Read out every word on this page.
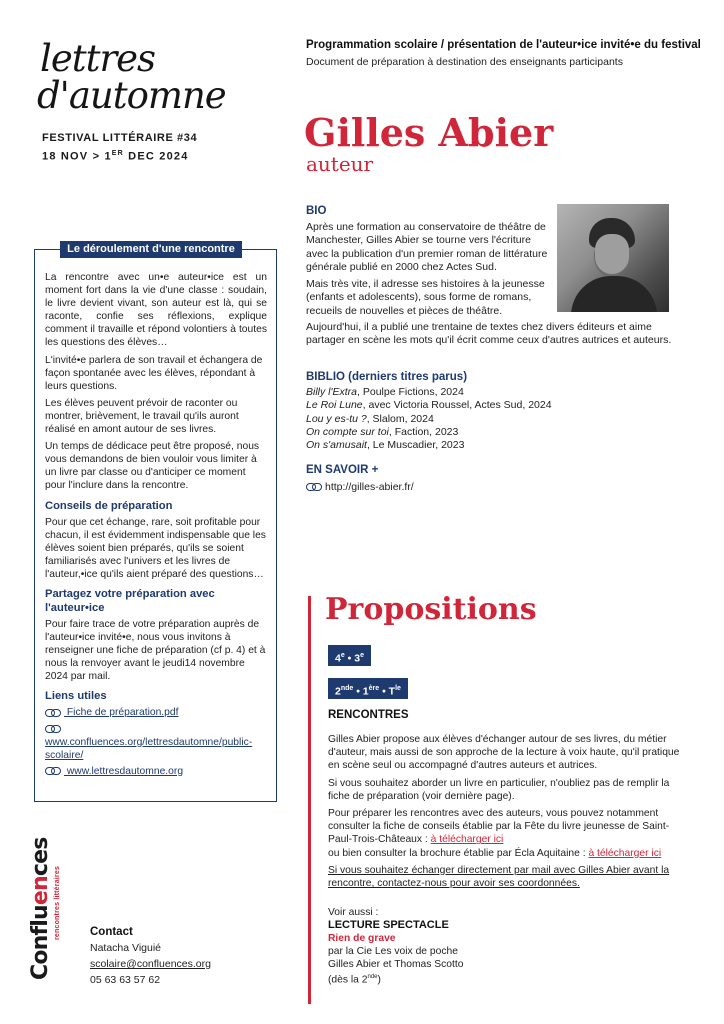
lettres
d'automne
FESTIVAL LITTÉRAIRE #34
18 NOV > 1ER DEC 2024
Programmation scolaire / présentation de l'auteur•ice invité•e du festival
Document de préparation à destination des enseignants participants
Gilles Abier
auteur
BIO

Après une formation au conservatoire de théâtre de Manchester, Gilles Abier se tourne vers l'écriture avec la publication d'un premier roman de littérature générale publié en 2000 chez Actes Sud.

Mais très vite, il adresse ses histoires à la jeunesse (enfants et adolescents), sous forme de romans, recueils de nouvelles et pièces de théâtre.

Aujourd'hui, il a publié une trentaine de textes chez divers éditeurs et aime partager en scène les mots qu'il écrit comme ceux d'autres autrices et auteurs.

BIBLIO (derniers titres parus)
Billy l'Extra, Poulpe Fictions, 2024
Le Roi Lune, avec Victoria Roussel, Actes Sud, 2024
Lou y es-tu ?, Slalom, 2024
On compte sur toi, Faction, 2023
On s'amusait, Le Muscadier, 2023
EN SAVOIR +
http://gilles-abier.fr/
Le déroulement d'une rencontre

La rencontre avec un•e auteur•ice est un moment fort dans la vie d'une classe : soudain, le livre devient vivant, son auteur est là, qui se raconte, confie ses réflexions, explique comment il travaille et répond volontiers à toutes les questions des élèves…

L'invité•e parlera de son travail et échangera de façon spontanée avec les élèves, répondant à leurs questions.

Les élèves peuvent prévoir de raconter ou montrer, brièvement, le travail qu'ils auront réalisé en amont autour de ses livres.

Un temps de dédicace peut être proposé, nous vous demandons de bien vouloir vous limiter à un livre par classe ou d'anticiper ce moment pour l'inclure dans la rencontre.

Conseils de préparation

Pour que cet échange, rare, soit profitable pour chacun, il est évidemment indispensable que les élèves soient bien préparés, qu'ils se soient familiarisés avec l'univers et les livres de l'auteur,•ice qu'ils aient préparé des questions…

Partagez votre préparation avec l'auteur•ice

Pour faire trace de votre préparation auprès de l'auteur•ice invité•e, nous vous invitons à renseigner une fiche de préparation (cf p. 4) et à nous la renvoyer avant le jeudi14 novembre 2024 par mail.

Liens utiles
Fiche de préparation.pdf
www.confluences.org/lettresdautomne/public-scolaire/
www.lettresdautomne.org
Propositions
4e • 3e
2nde • 1ère • $T^{le}$
RENCONTRES

Gilles Abier propose aux élèves d'échanger autour de ses livres, du métier d'auteur, mais aussi de son approche de la lecture à voix haute, qu'il pratique en scène seul ou accompagné d'autres auteurs et autrices.

Si vous souhaitez aborder un livre en particulier, n'oubliez pas de remplir la fiche de préparation (voir dernière page).

Pour préparer les rencontres avec des auteurs, vous pouvez notamment consulter la fiche de conseils établie par la Fête du livre jeunesse de Saint-Paul-Trois-Châteaux : à télécharger ici

ou bien consulter la brochure établie par Écla Aquitaine : à télécharger ici

Si vous souhaitez échanger directement par mail avec Gilles Abier avant la rencontre, contactez-nous pour avoir ses coordonnées.

Voir aussi :
LECTURE SPECTACLE
Rien de grave
par la Cie Les voix de poche
Gilles Abier et Thomas Scotto
(dès la 2nde)
Confluences
rencontres littéraires	Contact
Natacha Viguié
scolaire@confluences.org
05 63 63 57 62
